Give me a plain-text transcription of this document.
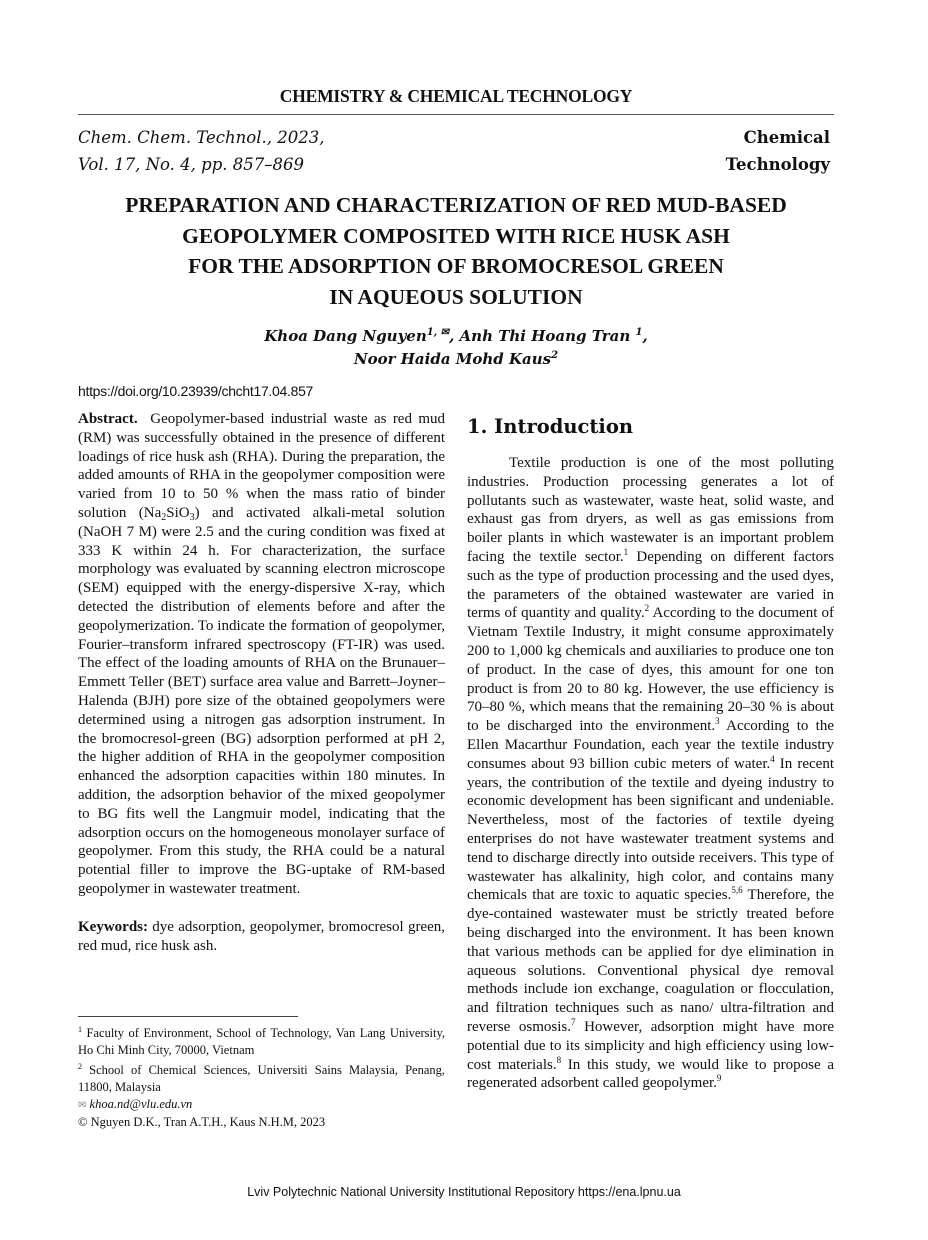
CHEMISTRY & CHEMICAL TECHNOLOGY
Chem. Chem. Technol., 2023,
Vol. 17, No. 4, pp. 857–869
Chemical
Technology
PREPARATION AND CHARACTERIZATION OF RED MUD-BASED
GEOPOLYMER COMPOSITED WITH RICE HUSK ASH
FOR THE ADSORPTION OF BROMOCRESOL GREEN
IN AQUEOUS SOLUTION
Khoa Dang Nguyen$^{1, ✉}$, Anh Thi Hoang Tran $^1$,
Noor Haida Mohd Kaus$^2$
https://doi.org/10.23939/chcht17.04.857
Abstract. Geopolymer-based industrial waste as red mud (RM) was successfully obtained in the presence of different loadings of rice husk ash (RHA). During the preparation, the added amounts of RHA in the geopolymer composition were varied from 10 to 50 % when the mass ratio of binder solution $(Na_2SiO_3)$ and activated alkali-metal solution (NaOH 7 M) were 2.5 and the curing condition was fixed at 333 K within 24 h. For characterization, the surface morphology was evaluated by scanning electron microscope (SEM) equipped with the energy-dispersive X-ray, which detected the distribution of elements before and after the geopolymerization. To indicate the formation of geopolymer, Fourier–transform infrared spectroscopy (FT-IR) was used. The effect of the loading amounts of RHA on the Brunauer–Emmett Teller (BET) surface area value and Barrett–Joyner–Halenda (BJH) pore size of the obtained geopolymers were determined using a nitrogen gas adsorption instrument. In the bromocresol-green (BG) adsorption performed at pH 2, the higher addition of RHA in the geopolymer composition enhanced the adsorption capacities within 180 minutes. In addition, the adsorption behavior of the mixed geopolymer to BG fits well the Langmuir model, indicating that the adsorption occurs on the homogeneous monolayer surface of geopolymer. From this study, the RHA could be a natural potential filler to improve the BG-uptake of RM-based geopolymer in wastewater treatment.
Keywords: dye adsorption, geopolymer, bromocresol green, red mud, rice husk ash.
$^1$ Faculty of Environment, School of Technology, Van Lang University, Ho Chi Minh City, 70000, Vietnam
$^2$ School of Chemical Sciences, Universiti Sains Malaysia, Penang, 11800, Malaysia
✉ khoa.nd@vlu.edu.vn
© Nguyen D.K., Tran A.T.H., Kaus N.H.M, 2023
1. Introduction

Textile production is one of the most polluting industries. Production processing generates a lot of pollutants such as wastewater, waste heat, solid waste, and exhaust gas from dryers, as well as gas emissions from boiler plants in which wastewater is an important problem facing the textile sector.$^1$ Depending on different factors such as the type of production processing and the used dyes, the parameters of the obtained wastewater are varied in terms of quantity and quality.$^2$ According to the document of Vietnam Textile Industry, it might consume approximately 200 to 1,000 kg chemicals and auxiliaries to produce one ton of product. In the case of dyes, this amount for one ton product is from 20 to 80 kg. However, the use efficiency is 70–80 %, which means that the remaining 20–30 % is about to be discharged into the environment.$^3$ According to the Ellen Macarthur Foundation, each year the textile industry consumes about 93 billion cubic meters of water.$^4$ In recent years, the contribution of the textile and dyeing industry to economic development has been significant and undeniable. Nevertheless, most of the factories of textile dyeing enterprises do not have wastewater treatment systems and tend to discharge directly into outside receivers. This type of wastewater has alkalinity, high color, and contains many chemicals that are toxic to aquatic species.$^{5,6}$ Therefore, the dye-contained wastewater must be strictly treated before being discharged into the environment. It has been known that various methods can be applied for dye elimination in aqueous solutions. Conventional physical dye removal methods include ion exchange, coagulation or flocculation, and filtration techniques such as nano/ ultra-filtration and reverse osmosis.$^7$ However, adsorption might have more potential due to its simplicity and high efficiency using low-cost materials.$^8$ In this study, we would like to propose a regenerated adsorbent called geopolymer.$^9$

Lviv Polytechnic National University Institutional Repository https://ena.lpnu.ua
